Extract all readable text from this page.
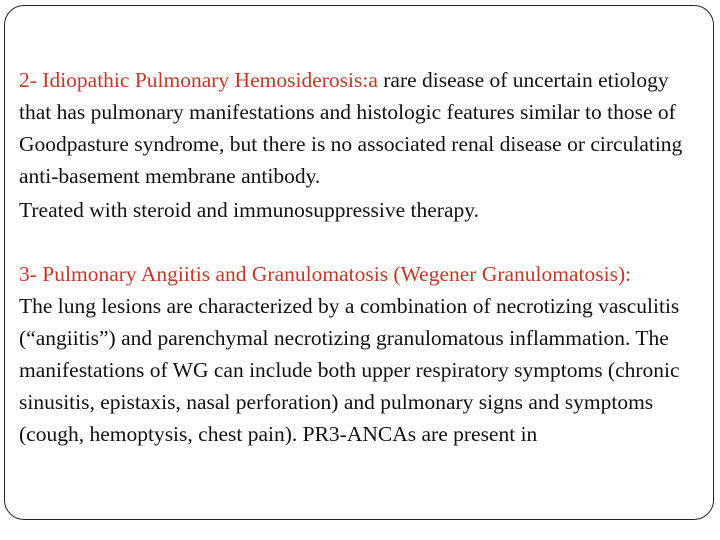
2- Idiopathic Pulmonary Hemosiderosis:a rare disease of uncertain etiology that has pulmonary manifestations and histologic features similar to those of Goodpasture syndrome, but there is no associated renal disease or circulating anti-basement membrane antibody.

Treated with steroid and immunosuppressive therapy.

3- Pulmonary Angiitis and Granulomatosis (Wegener Granulomatosis):

The lung lesions are characterized by a combination of necrotizing vasculitis (“angiitis”) and parenchymal necrotizing granulomatous inflammation. The manifestations of WG can include both upper respiratory symptoms (chronic sinusitis, epistaxis, nasal perforation) and pulmonary signs and symptoms (cough, hemoptysis, chest pain). PR3-ANCAs are present in
